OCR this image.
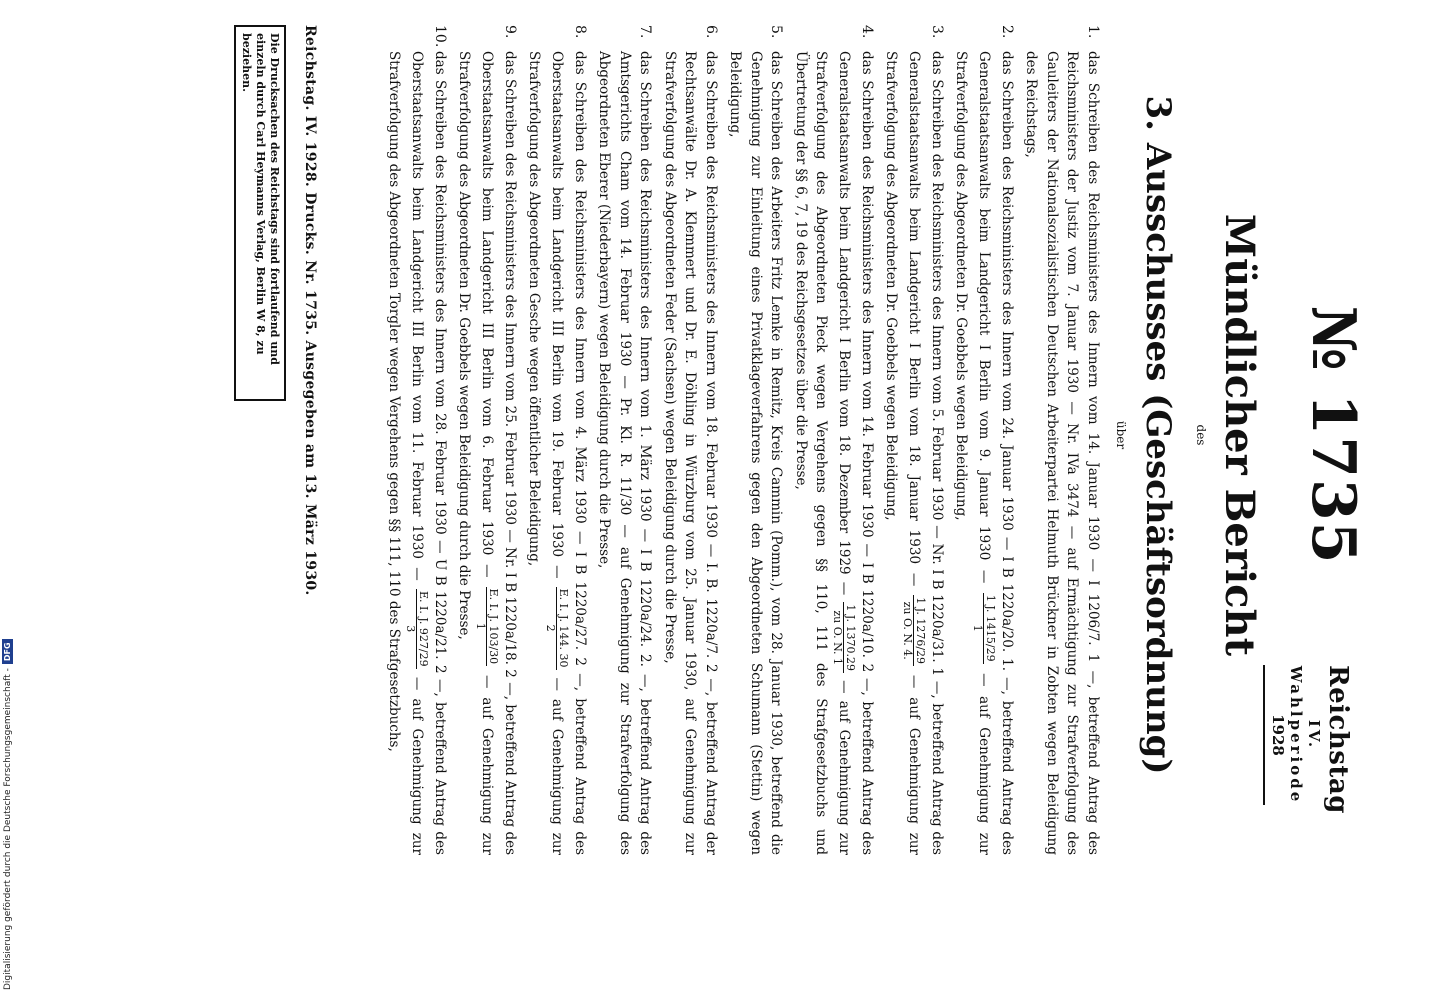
Reichstag
IV. Wahlperiode
1928
№ 1735
Mündlicher Bericht
des
3. Ausschusses (Geschäftsordnung)
über
1.
das Schreiben des Reichsministers des Innern vom 14. Januar 1930 — I 1206/7. 1 —, betreffend Antrag des Reichsministers der Justiz vom 7. Januar 1930 — Nr. IVa 3474 — auf Ermächtigung zur Strafverfolgung des Gauleiters der Nationalsozialistischen Deutschen Arbeiterpartei Helmuth Brückner in Zobten wegen Beleidigung des Reichstags,
2.
das Schreiben des Reichsministers des Innern vom 24. Januar 1930 — I B 1220a/20. 1. —, betreffend Antrag des Generalstaatsanwalts beim Landgericht I Berlin vom 9. Januar 1930 —
1 J. 1415/29
1
— auf Genehmigung zur Strafverfolgung des Abgeordneten Dr. Goebbels wegen Beleidigung,
3.
das Schreiben des Reichsministers des Innern vom 5. Februar 1930 — Nr. I B 1220a/31. 1 —, betreffend Antrag des Generalstaatsanwalts beim Landgericht I Berlin vom 18. Januar 1930 —
1 J. 1276/29
zu O. N. 4.
— auf Genehmigung zur Strafverfolgung des Abgeordneten Dr. Goebbels wegen Beleidigung,
4.
das Schreiben des Reichsministers des Innern vom 14. Februar 1930 — I B 1220a/10. 2 —, betreffend Antrag des Generalstaatsanwalts beim Landgericht I Berlin vom 18. Dezember 1929 —
1 J. 1370.29
zu O. N. 1
— auf Genehmigung zur Strafverfolgung des Abgeordneten Pieck wegen Vergehens gegen §§ 110, 111 des Strafgesetzbuchs und Übertretung der §§ 6, 7, 19 des Reichsgesetzes über die Presse,
5.
das Schreiben des Arbeiters Fritz Lemke in Remitz, Kreis Cammin (Pomm.), vom 28. Januar 1930, betreffend die Genehmigung zur Einleitung eines Privatklageverfahrens gegen den Abgeordneten Schumann (Stettin) wegen Beleidigung,
6.
das Schreiben des Reichsministers des Innern vom 18. Februar 1930 — I. B. 1220a/7. 2 —, betreffend Antrag der Rechtsanwälte Dr. A. Klemmert und Dr. E. Döhling in Würzburg vom 25. Januar 1930, auf Genehmigung zur Strafverfolgung des Abgeordneten Feder (Sachsen) wegen Beleidigung durch die Presse,
7.
das Schreiben des Reichsministers des Innern vom 1. März 1930 — I B 1220a/24. 2. —, betreffend Antrag des Amtsgerichts Cham vom 14. Februar 1930 — Pr. Kl. R. 11/30 — auf Genehmigung zur Strafverfolgung des Abgeordneten Eberer (Niederbayern) wegen Beleidigung durch die Presse,
8.
das Schreiben des Reichsministers des Innern vom 4. März 1930 — I B 1220a/27. 2 —, betreffend Antrag des Oberstaatsanwalts beim Landgericht III Berlin vom 19. Februar 1930 —
E. I. J. 144. 30
2
— auf Genehmigung zur Strafverfolgung des Abgeordneten Gesche wegen öffentlicher Beleidigung,
9.
das Schreiben des Reichsministers des Innern vom 25. Februar 1930 — Nr. I B 1220a/18. 2 —, betreffend Antrag des Oberstaatsanwalts beim Landgericht III Berlin vom 6. Februar 1930 —
E. I. J. 103/30
1
— auf Genehmigung zur Strafverfolgung des Abgeordneten Dr. Goebbels wegen Beleidigung durch die Presse,
10.
das Schreiben des Reichsministers des Innern vom 28. Februar 1930 — U B 1220a/21. 2 —, betreffend Antrag des Oberstaatsanwalts beim Landgericht III Berlin vom 11. Februar 1930 —
E. I. J. 927/29
3
— auf Genehmigung zur Strafverfolgung des Abgeordneten Torgler wegen Vergehens gegen §§ 111, 110 des Strafgesetzbuchs,
Reichstag. IV. 1928. Drucks. Nr. 1735. Ausgegeben am 13. März 1930.
Die Drucksachen des Reichstags sind fortlaufend und einzeln durch Carl Heymanns Verlag, Berlin W 8, zu beziehen.
Digitalisierung gefördert durch die Deutsche Forschungsgemeinschaft -
DFG
